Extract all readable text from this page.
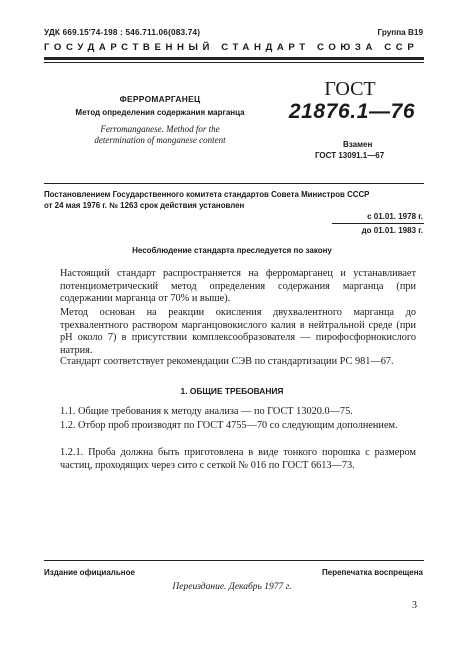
УДК 669.15'74-198 : 546.711.06(083.74)	Группа В19
ГОСУДАРСТВЕННЫЙ СТАНДАРТ СОЮЗА ССР
ФЕРРОМАРГАНЕЦ
Метод определения содержания марганца
Ferromanganese. Method for the
determination of manganese content
ГОСТ
21876.1—76
Взамен
ГОСТ 13091.1—67
Постановлением Государственного комитета стандартов Совета Министров СССР
от 24 мая 1976 г. № 1263 срок действия установлен
с 01.01. 1978 г.
до 01.01. 1983 г.
Несоблюдение стандарта преследуется по закону
Настоящий стандарт распространяется на ферромарганец и устанавливает потенциометрический метод определения содержания марганца (при содержании марганца от 70% и выше).
Метод основан на реакции окисления двухвалентного марганца до трехвалентного раствором марганцовокислого калия в нейтральной среде (при pH около 7) в присутствии комплексообразователя — пирофосфорнокислого натрия.
Стандарт соответствует рекомендации СЭВ по стандартизации РС 981—67.
1. ОБЩИЕ ТРЕБОВАНИЯ
1.1. Общие требования к методу анализа — по ГОСТ 13020.0—75.
1.2. Отбор проб производят по ГОСТ 4755—70 со следующим дополнением.
1.2.1. Проба должна быть приготовлена в виде тонкого порошка с размером частиц, проходящих через сито с сеткой № 016 по ГОСТ 6613—73.
Издание официальное	Перепечатка воспрещена
Переиздание. Декабрь 1977 г.
3
